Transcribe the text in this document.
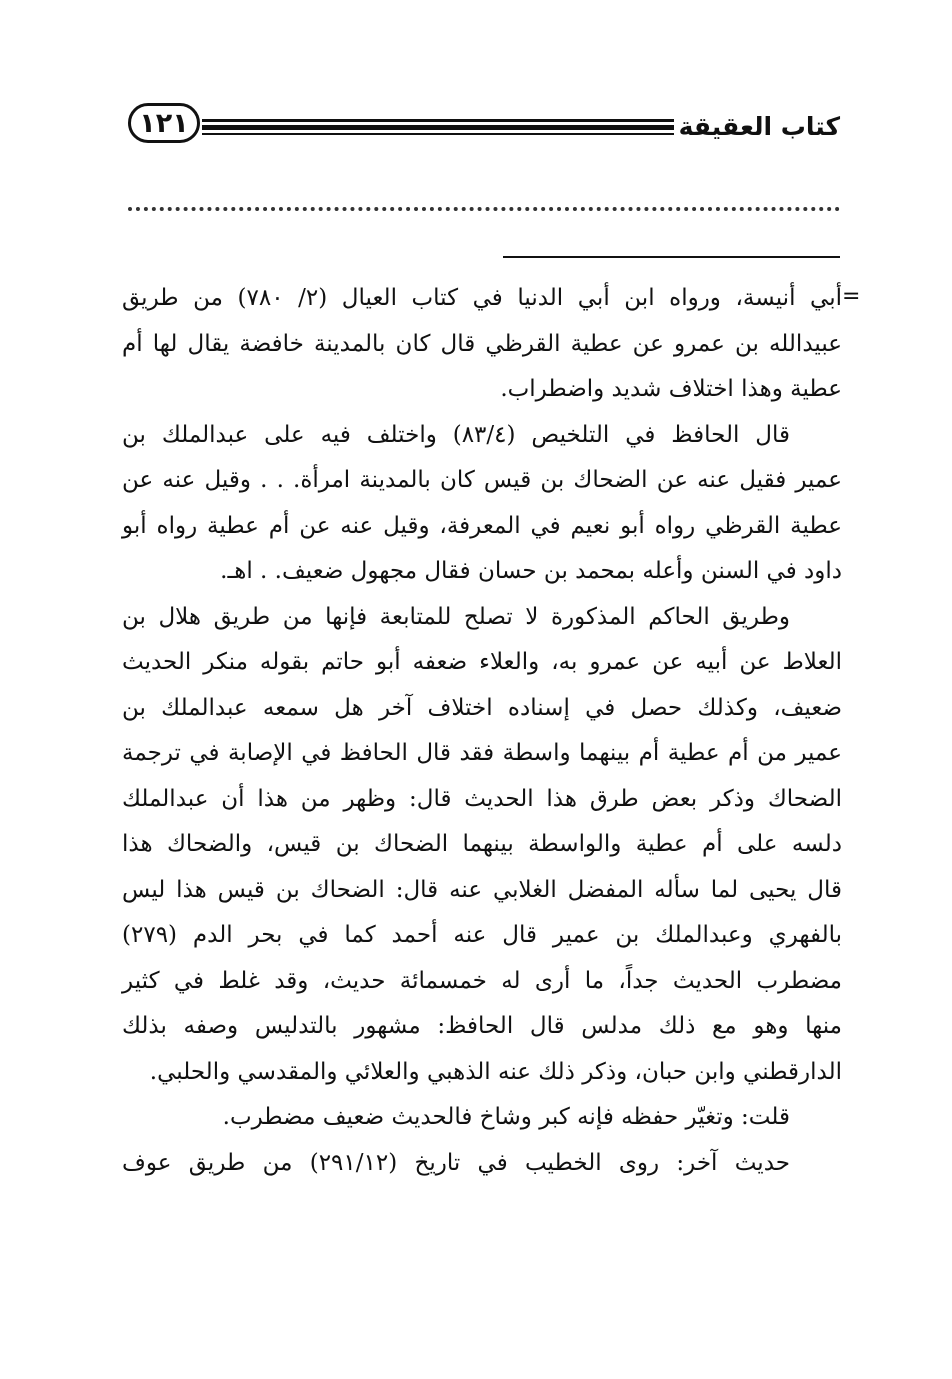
كتاب العقيقة
١٢١
=

أبي أنيسة، ورواه ابن أبي الدنيا في كتاب العيال (٢/ ٧٨٠) من طريق
عبيدالله بن عمرو عن عطية القرظي قال كان بالمدينة خافضة يقال لها أم
عطية وهذا اختلاف شديد واضطراب.

قال الحافظ في التلخيص (٨٣/٤) واختلف فيه على عبدالملك بن
عمير فقيل عنه عن الضحاك بن قيس كان بالمدينة امرأة. . . وقيل عنه عن
عطية القرظي رواه أبو نعيم في المعرفة، وقيل عنه عن أم عطية رواه أبو
داود في السنن وأعله بمحمد بن حسان فقال مجهول ضعيف. . اهـ.

وطريق الحاكم المذكورة لا تصلح للمتابعة فإنها من طريق هلال بن
العلاط عن أبيه عن عمرو به، والعلاء ضعفه أبو حاتم بقوله منكر الحديث
ضعيف، وكذلك حصل في إسناده اختلاف آخر هل سمعه عبدالملك بن
عمير من أم عطية أم بينهما واسطة فقد قال الحافظ في الإصابة في ترجمة
الضحاك وذكر بعض طرق هذا الحديث قال: وظهر من هذا أن عبدالملك
دلسه على أم عطية والواسطة بينهما الضحاك بن قيس، والضحاك هذا
قال يحيى لما سأله المفضل الغلابي عنه قال: الضحاك بن قيس هذا ليس
بالفهري وعبدالملك بن عمير قال عنه أحمد كما في بحر الدم (٢٧٩)
مضطرب الحديث جداً، ما أرى له خمسمائة حديث، وقد غلط في كثير
منها وهو مع ذلك مدلس قال الحافظ: مشهور بالتدليس وصفه بذلك
الدارقطني وابن حبان، وذكر ذلك عنه الذهبي والعلائي والمقدسي والحلبي.

قلت: وتغيّر حفظه فإنه كبر وشاخ فالحديث ضعيف مضطرب.

حديث آخر: روى الخطيب في تاريخ (٢٩١/١٢) من طريق عوف
